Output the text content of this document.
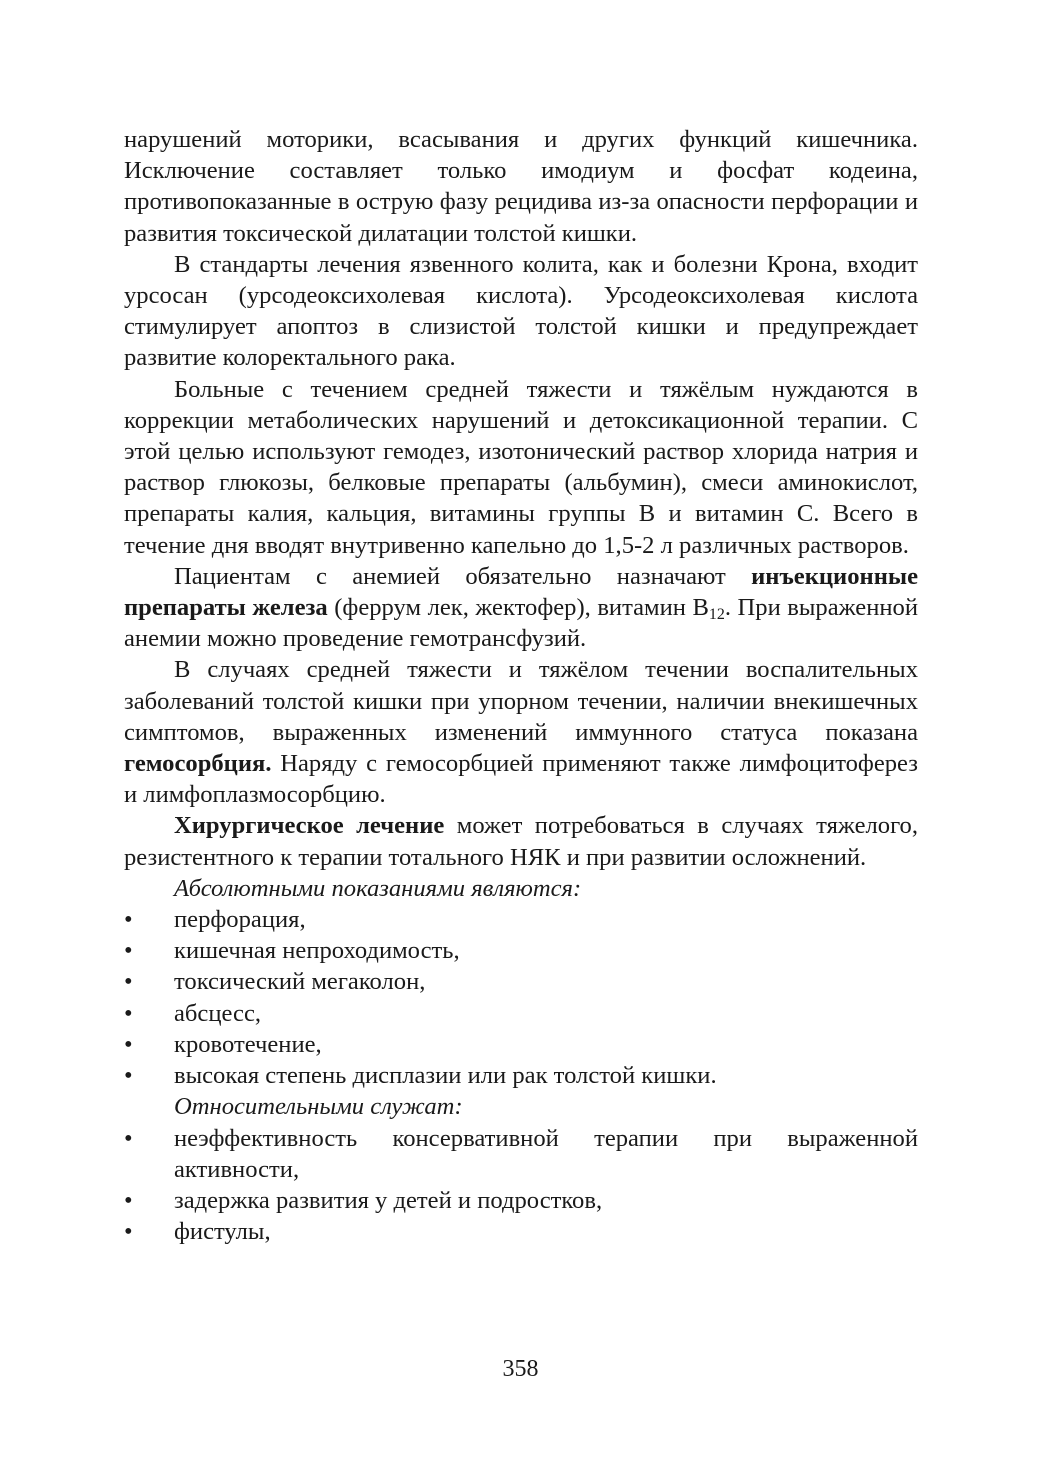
нарушений моторики, всасывания и других функций кишечника. Исключение составляет только имодиум и фосфат кодеина, противопоказанные в острую фазу рецидива из-за опасности перфорации и развития токсической дилатации толстой кишки.

В стандарты лечения язвенного колита, как и болезни Крона, входит урсосан (урсодеоксихолевая кислота). Урсодеоксихолевая кислота стимулирует апоптоз в слизистой толстой кишки и предупреждает развитие колоректального рака.

Больные с течением средней тяжести и тяжёлым нуждаются в коррекции метаболических нарушений и детоксикационной терапии. С этой целью используют гемодез, изотонический раствор хлорида натрия и раствор глюкозы, белковые препараты (альбумин), смеси аминокислот, препараты калия, кальция, витамины группы В и витамин С. Всего в течение дня вводят внутривенно капельно до 1,5-2 л различных растворов.

Пациентам с анемией обязательно назначают инъекционные препараты железа (феррум лек, жектофер), витамин $В_{12}$. При выраженной анемии можно проведение гемотрансфузий.

В случаях средней тяжести и тяжёлом течении воспалительных заболеваний толстой кишки при упорном течении, наличии внекишечных симптомов, выраженных изменений иммунного статуса показана гемосорбция. Наряду с гемосорбцией применяют также лимфоцитоферез и лимфоплазмосорбцию.

Хирургическое лечение может потребоваться в случаях тяжелого, резистентного к терапии тотального НЯК и при развитии осложнений.

Абсолютными показаниями являются:

•	перфорация,
•	кишечная непроходимость,
•	токсический мегаколон,
•	абсцесс,
•	кровотечение,
•	высокая степень дисплазии или рак толстой кишки.

Относительными служат:

•	неэффективность консервативной терапии при выраженной активности,
•	задержка развития у детей и подростков,
•	фистулы,
358
